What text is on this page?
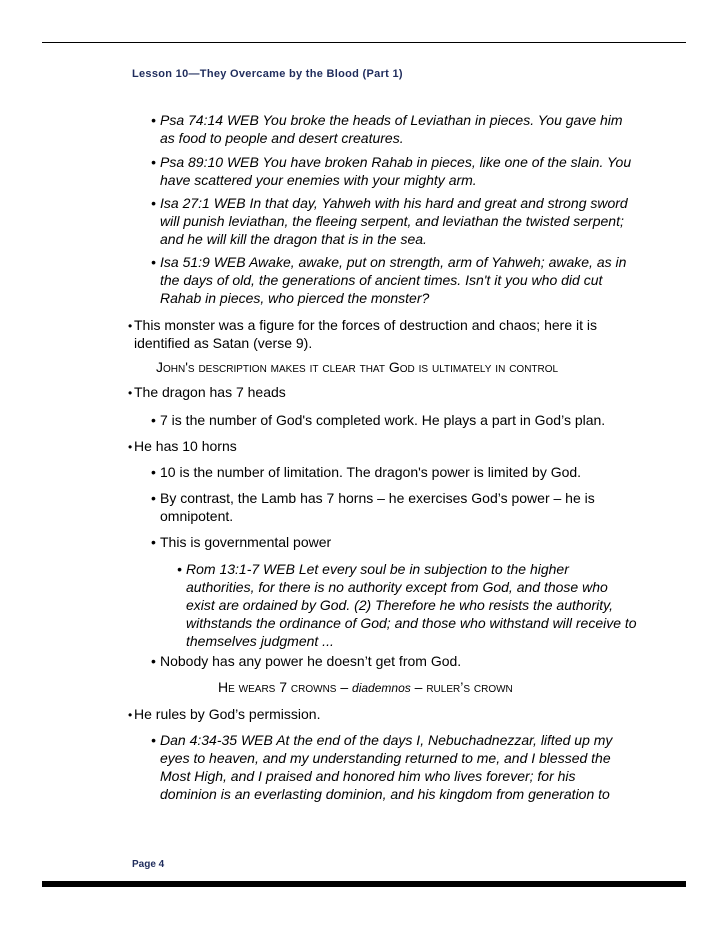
Lesson 10—They Overcame by the Blood (Part 1)

• Psa 74:14 WEB You broke the heads of Leviathan in pieces. You gave him as food to people and desert creatures.

• Psa 89:10 WEB You have broken Rahab in pieces, like one of the slain. You have scattered your enemies with your mighty arm.

• Isa 27:1 WEB In that day, Yahweh with his hard and great and strong sword will punish leviathan, the fleeing serpent, and leviathan the twisted serpent; and he will kill the dragon that is in the sea.

• Isa 51:9 WEB Awake, awake, put on strength, arm of Yahweh; awake, as in the days of old, the generations of ancient times. Isn't it you who did cut Rahab in pieces, who pierced the monster?

• This monster was a figure for the forces of destruction and chaos; here it is identified as Satan (verse 9).

John's description makes it clear that God is ultimately in control

• The dragon has 7 heads

• 7 is the number of God's completed work. He plays a part in God’s plan.

• He has 10 horns

• 10 is the number of limitation. The dragon's power is limited by God.

• By contrast, the Lamb has 7 horns – he exercises God’s power – he is omnipotent.

• This is governmental power

• Rom 13:1-7 WEB Let every soul be in subjection to the higher authorities, for there is no authority except from God, and those who exist are ordained by God. (2) Therefore he who resists the authority, withstands the ordinance of God; and those who withstand will receive to themselves judgment ...

• Nobody has any power he doesn’t get from God.

He wears 7 crowns – diademnos – ruler’s crown

• He rules by God’s permission.

• Dan 4:34-35 WEB At the end of the days I, Nebuchadnezzar, lifted up my eyes to heaven, and my understanding returned to me, and I blessed the Most High, and I praised and honored him who lives forever; for his dominion is an everlasting dominion, and his kingdom from generation to

Page 4
